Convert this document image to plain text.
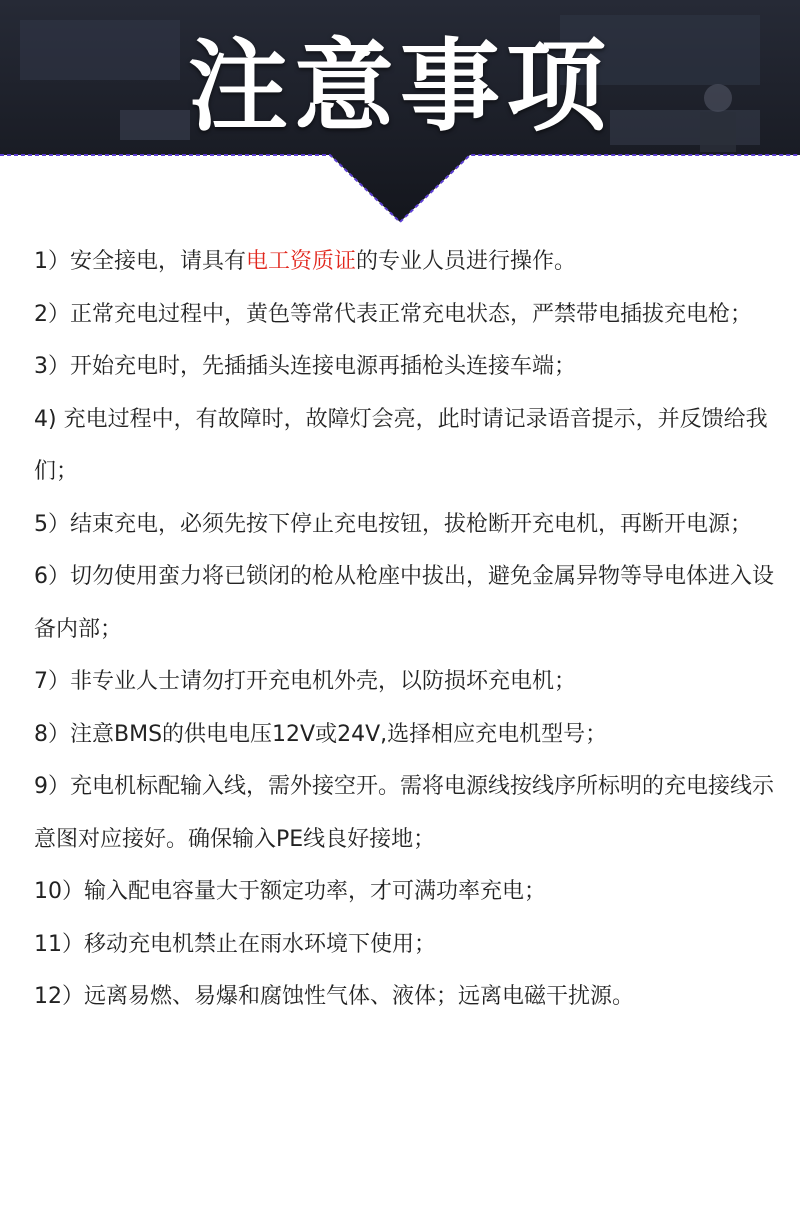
注意事项
1）安全接电，请具有电工资质证的专业人员进行操作。
2）正常充电过程中，黄色等常代表正常充电状态，严禁带电插拔充电枪；
3）开始充电时，先插插头连接电源再插枪头连接车端；
4) 充电过程中，有故障时，故障灯会亮，此时请记录语音提示，并反馈给我们；
5）结束充电，必须先按下停止充电按钮，拔枪断开充电机，再断开电源；
6）切勿使用蛮力将已锁闭的枪从枪座中拔出，避免金属异物等导电体进入设备内部；
7）非专业人士请勿打开充电机外壳，以防损坏充电机；
8）注意BMS的供电电压12V或24V,选择相应充电机型号；
9）充电机标配输入线，需外接空开。需将电源线按线序所标明的充电接线示意图对应接好。确保输入PE线良好接地；
10）输入配电容量大于额定功率，才可满功率充电；
11）移动充电机禁止在雨水环境下使用；
12）远离易燃、易爆和腐蚀性气体、液体；远离电磁干扰源。
